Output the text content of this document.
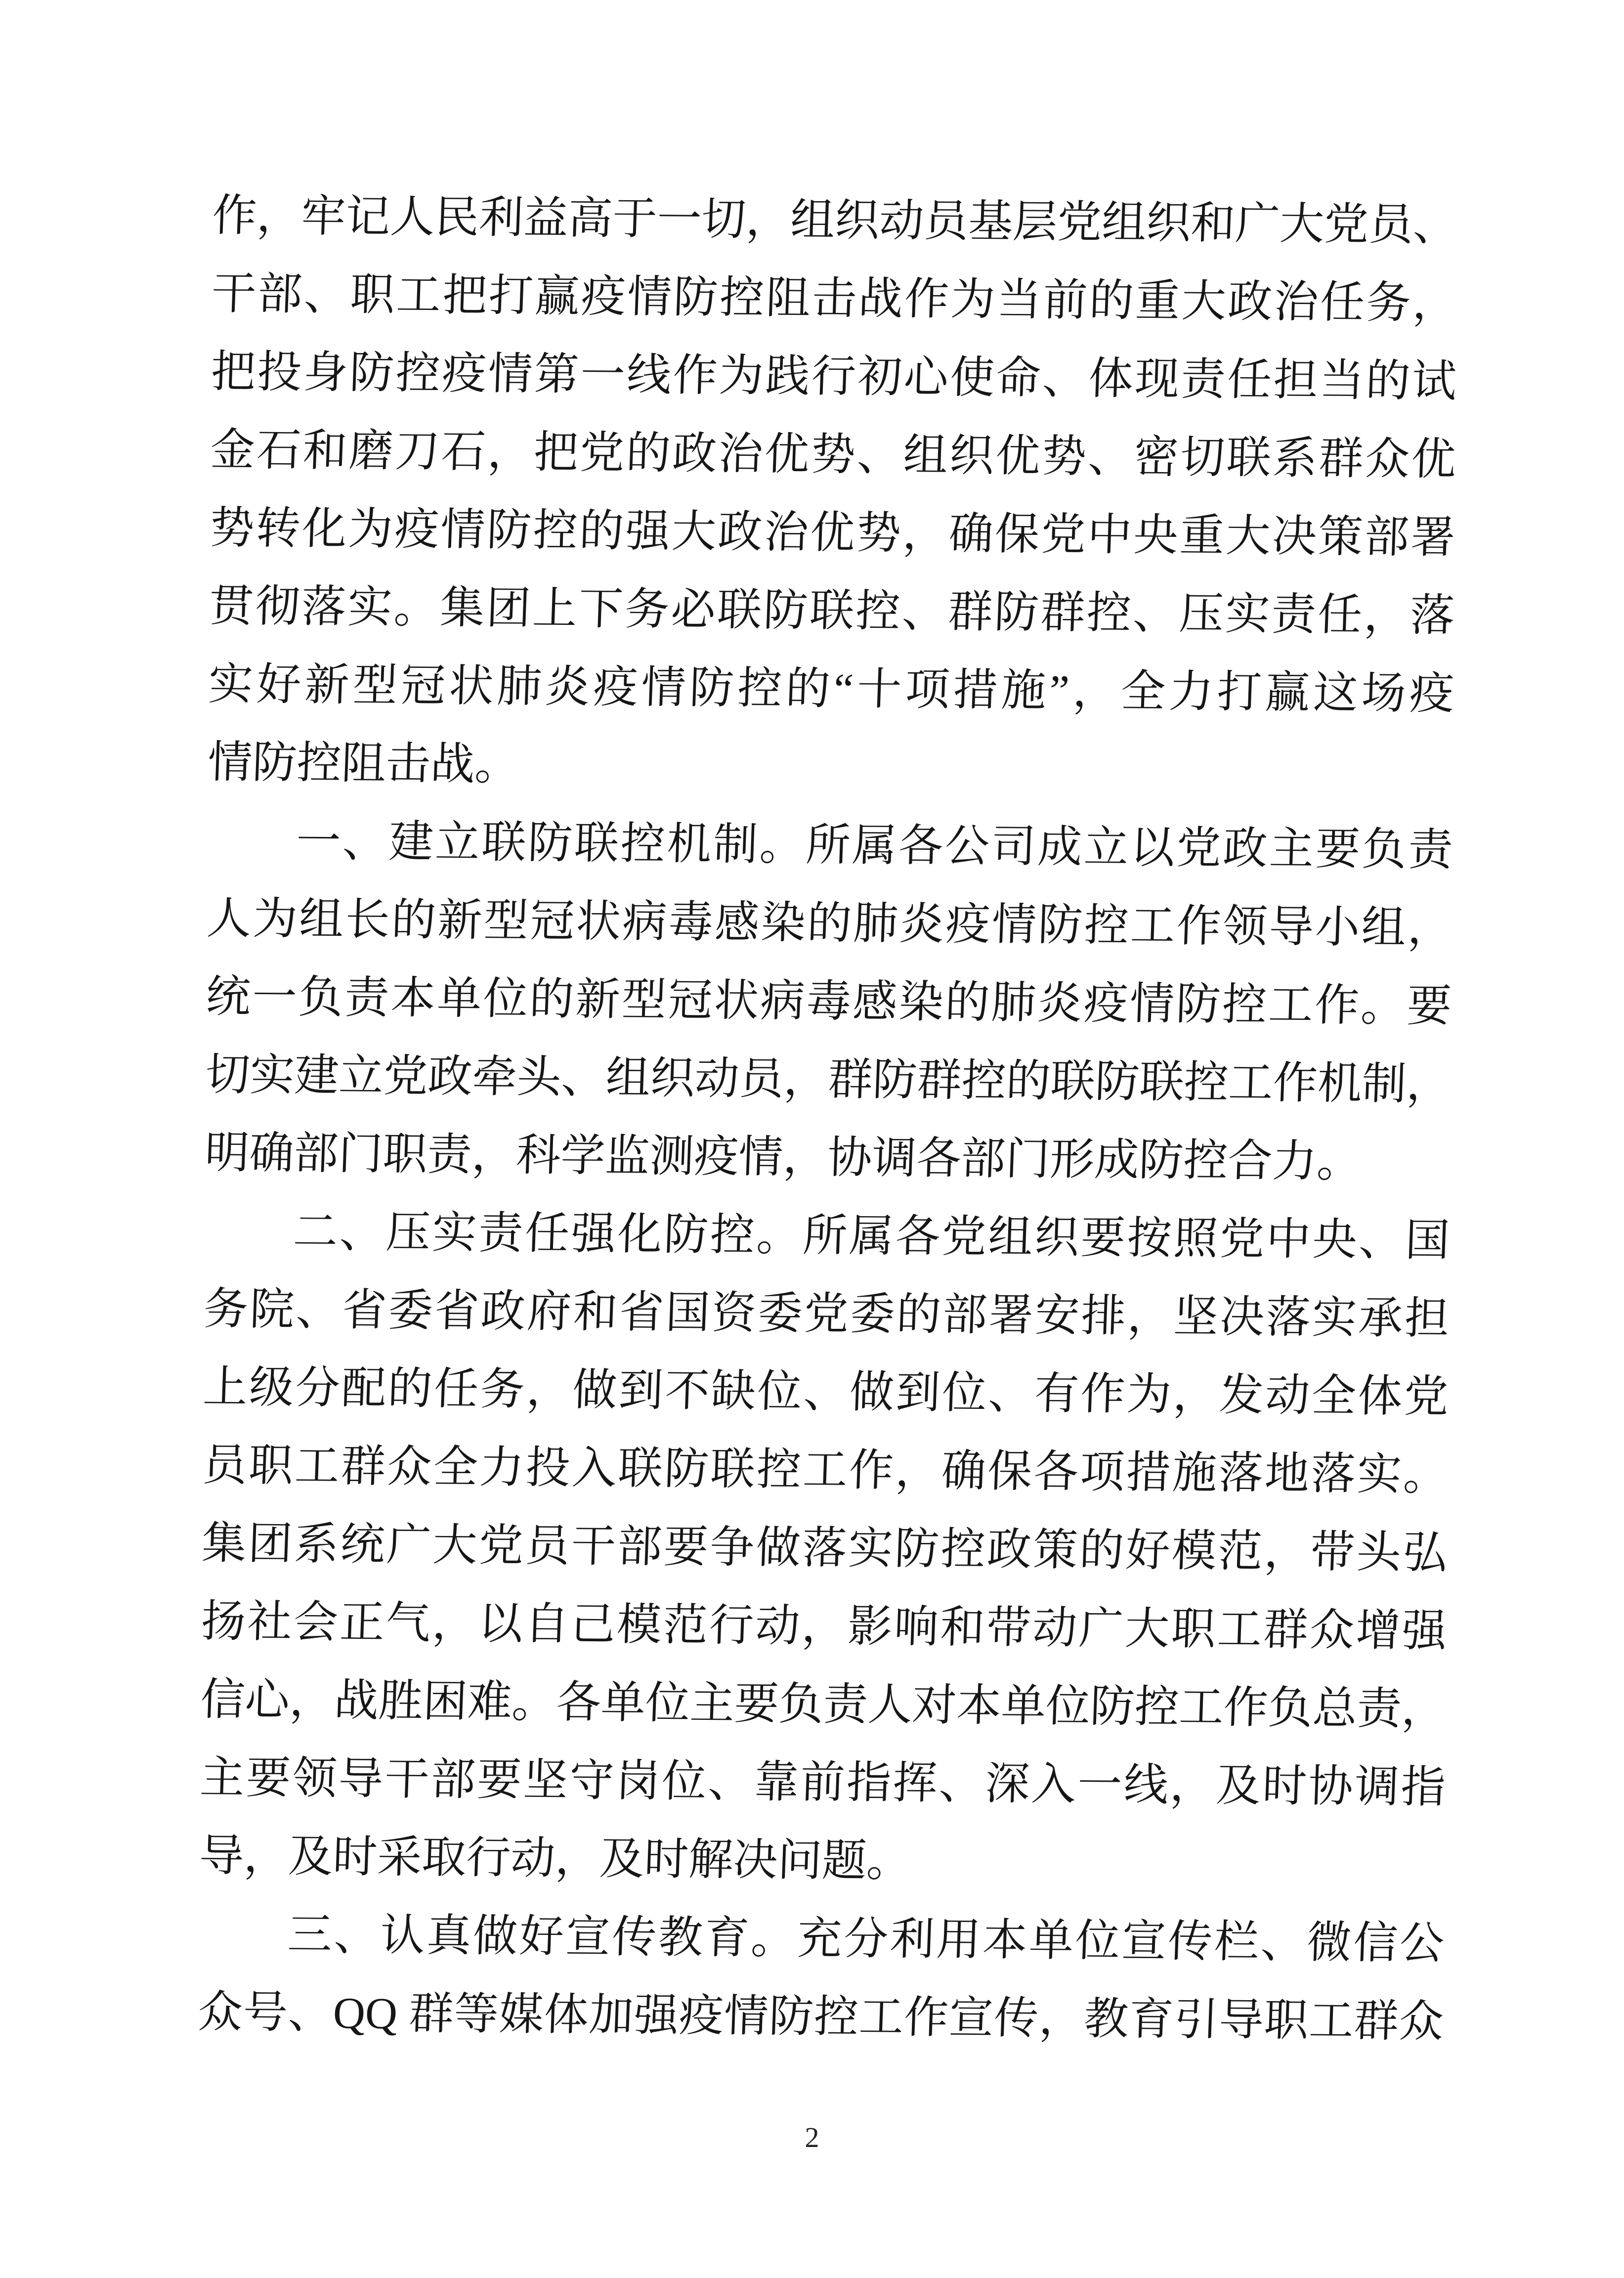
作，牢记人民利益高于一切，组织动员基层党组织和广大党员、
干部、职工把打赢疫情防控阻击战作为当前的重大政治任务，
把投身防控疫情第一线作为践行初心使命、体现责任担当的试
金石和磨刀石，把党的政治优势、组织优势、密切联系群众优
势转化为疫情防控的强大政治优势，确保党中央重大决策部署
贯彻落实。集团上下务必联防联控、群防群控、压实责任，落
实好新型冠状肺炎疫情防控的“十项措施”，全力打赢这场疫
情防控阻击战。
一、建立联防联控机制。所属各公司成立以党政主要负责
人为组长的新型冠状病毒感染的肺炎疫情防控工作领导小组，
统一负责本单位的新型冠状病毒感染的肺炎疫情防控工作。要
切实建立党政牵头、组织动员，群防群控的联防联控工作机制，
明确部门职责，科学监测疫情，协调各部门形成防控合力。
二、压实责任强化防控。所属各党组织要按照党中央、国
务院、省委省政府和省国资委党委的部署安排，坚决落实承担
上级分配的任务，做到不缺位、做到位、有作为，发动全体党
员职工群众全力投入联防联控工作，确保各项措施落地落实。
集团系统广大党员干部要争做落实防控政策的好模范，带头弘
扬社会正气，以自己模范行动，影响和带动广大职工群众增强
信心，战胜困难。各单位主要负责人对本单位防控工作负总责，
主要领导干部要坚守岗位、靠前指挥、深入一线，及时协调指
导，及时采取行动，及时解决问题。
三、认真做好宣传教育。充分利用本单位宣传栏、微信公
众号、QQ 群等媒体加强疫情防控工作宣传，教育引导职工群众
2
